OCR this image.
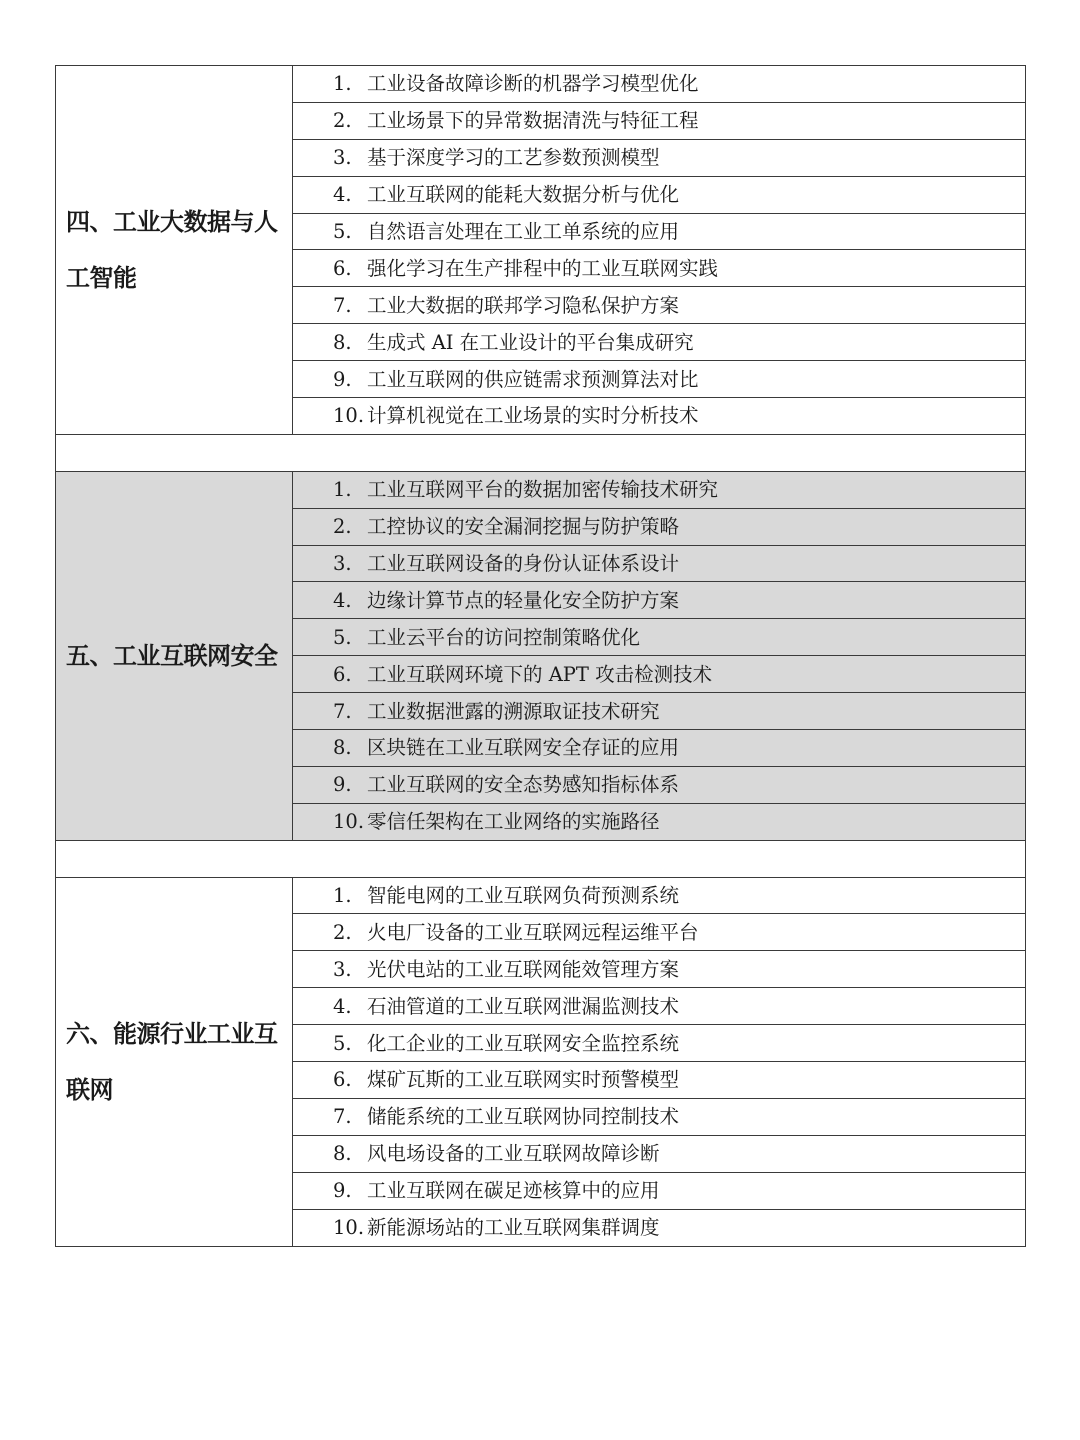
四、工业大数据与人工智能	1. 工业设备故障诊断的机器学习模型优化
	2. 工业场景下的异常数据清洗与特征工程
	3. 基于深度学习的工艺参数预测模型
	4. 工业互联网的能耗大数据分析与优化
	5. 自然语言处理在工业工单系统的应用
	6. 强化学习在生产排程中的工业互联网实践
	7. 工业大数据的联邦学习隐私保护方案
	8. 生成式 AI 在工业设计的平台集成研究
	9. 工业互联网的供应链需求预测算法对比
	10. 计算机视觉在工业场景的实时分析技术

五、工业互联网安全	1. 工业互联网平台的数据加密传输技术研究
	2. 工控协议的安全漏洞挖掘与防护策略
	3. 工业互联网设备的身份认证体系设计
	4. 边缘计算节点的轻量化安全防护方案
	5. 工业云平台的访问控制策略优化
	6. 工业互联网环境下的 APT 攻击检测技术
	7. 工业数据泄露的溯源取证技术研究
	8. 区块链在工业互联网安全存证的应用
	9. 工业互联网的安全态势感知指标体系
	10. 零信任架构在工业网络的实施路径

六、能源行业工业互联网	1. 智能电网的工业互联网负荷预测系统
	2. 火电厂设备的工业互联网远程运维平台
	3. 光伏电站的工业互联网能效管理方案
	4. 石油管道的工业互联网泄漏监测技术
	5. 化工企业的工业互联网安全监控系统
	6. 煤矿瓦斯的工业互联网实时预警模型
	7. 储能系统的工业互联网协同控制技术
	8. 风电场设备的工业互联网故障诊断
	9. 工业互联网在碳足迹核算中的应用
	10. 新能源场站的工业互联网集群调度
